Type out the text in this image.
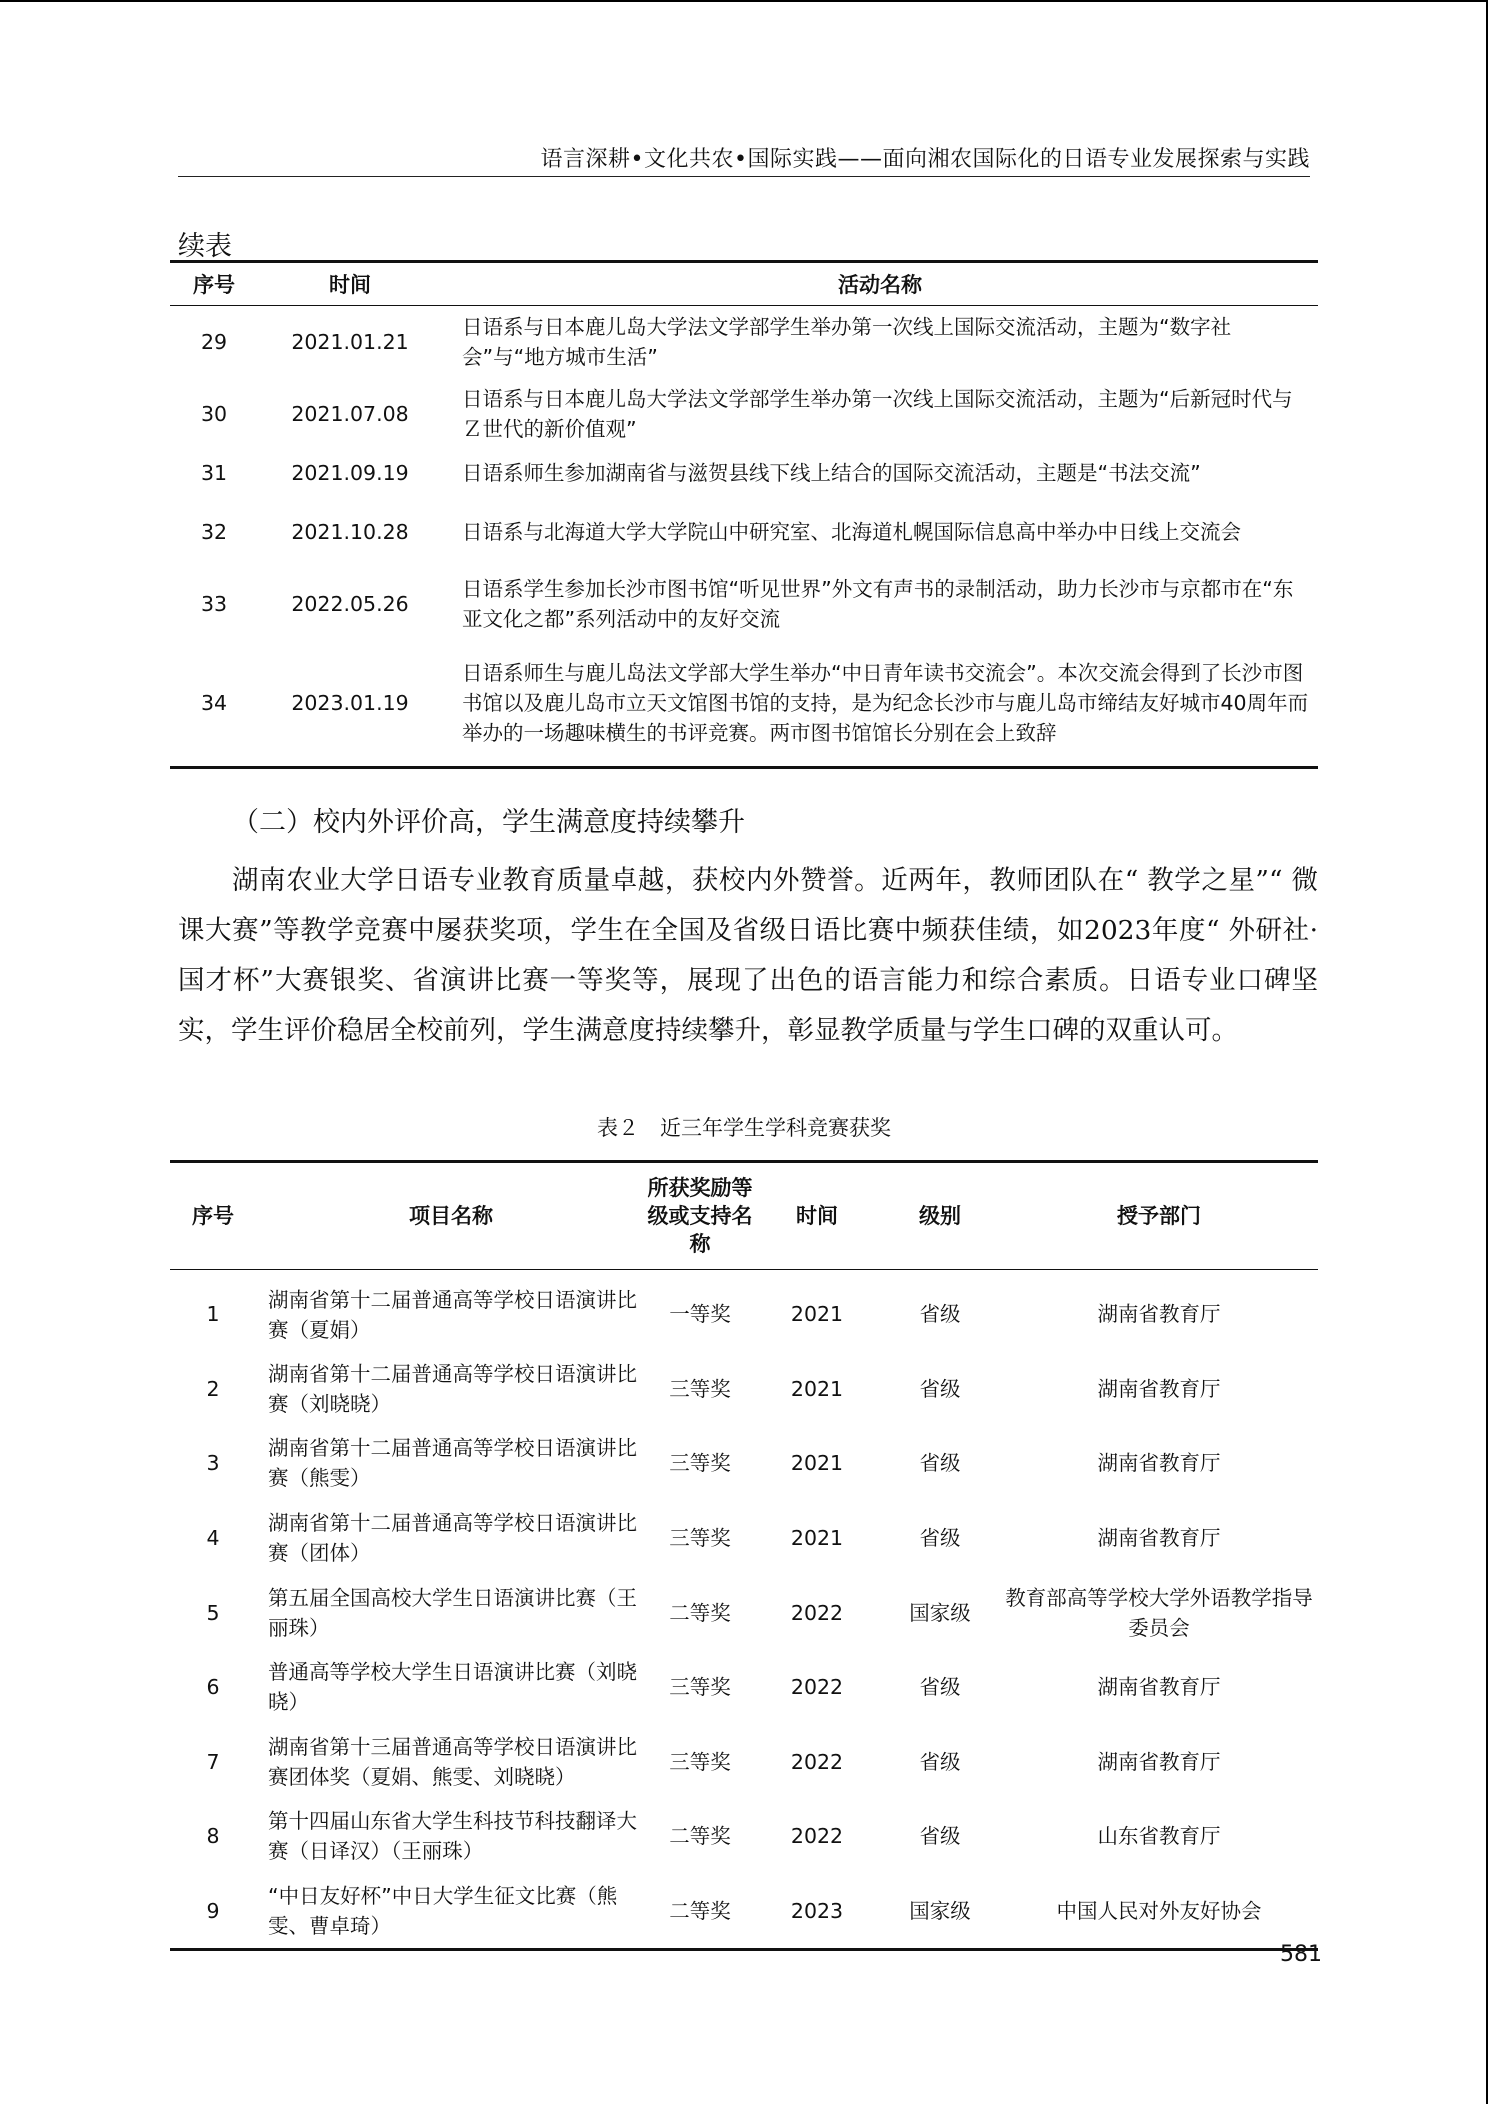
语言深耕•文化共农•国际实践——面向湘农国际化的日语专业发展探索与实践
续表
序号	时间	活动名称
29	2021.01.21	日语系与日本鹿儿岛大学法文学部学生举办第一次线上国际交流活动，主题为“数字社会”与“地方城市生活”
30	2021.07.08	日语系与日本鹿儿岛大学法文学部学生举办第一次线上国际交流活动，主题为“后新冠时代与Ｚ世代的新价值观”
31	2021.09.19	日语系师生参加湖南省与滋贺县线下线上结合的国际交流活动，主题是“书法交流”
32	2021.10.28	日语系与北海道大学大学院山中研究室、北海道札幌国际信息高中举办中日线上交流会
33	2022.05.26	日语系学生参加长沙市图书馆“听见世界”外文有声书的录制活动，助力长沙市与京都市在“东亚文化之都”系列活动中的友好交流
34	2023.01.19	日语系师生与鹿儿岛法文学部大学生举办“中日青年读书交流会”。本次交流会得到了长沙市图书馆以及鹿儿岛市立天文馆图书馆的支持，是为纪念长沙市与鹿儿岛市缔结友好城市40周年而举办的一场趣味横生的书评竞赛。两市图书馆馆长分别在会上致辞
（二）校内外评价高，学生满意度持续攀升
湖南农业大学日语专业教育质量卓越，获校内外赞誉。近两年，教师团队在“ 教学之星”“ 微课大赛”等教学竞赛中屡获奖项，学生在全国及省级日语比赛中频获佳绩，如2023年度“ 外研社·国才杯”大赛银奖、省演讲比赛一等奖等，展现了出色的语言能力和综合素质。日语专业口碑坚实，学生评价稳居全校前列，学生满意度持续攀升，彰显教学质量与学生口碑的双重认可。
表２　近三年学生学科竞赛获奖
序号	项目名称	所获奖励等级或支持名称	时间	级别	授予部门
1	湖南省第十二届普通高等学校日语演讲比赛（夏娟）	一等奖	2021	省级	湖南省教育厅
2	湖南省第十二届普通高等学校日语演讲比赛（刘晓晓）	三等奖	2021	省级	湖南省教育厅
3	湖南省第十二届普通高等学校日语演讲比赛（熊雯）	三等奖	2021	省级	湖南省教育厅
4	湖南省第十二届普通高等学校日语演讲比赛（团体）	三等奖	2021	省级	湖南省教育厅
5	第五届全国高校大学生日语演讲比赛（王丽珠）	二等奖	2022	国家级	教育部高等学校大学外语教学指导委员会
6	普通高等学校大学生日语演讲比赛（刘晓晓）	三等奖	2022	省级	湖南省教育厅
7	湖南省第十三届普通高等学校日语演讲比赛团体奖（夏娟、熊雯、刘晓晓）	三等奖	2022	省级	湖南省教育厅
8	第十四届山东省大学生科技节科技翻译大赛（日译汉）（王丽珠）	二等奖	2022	省级	山东省教育厅
9	“中日友好杯”中日大学生征文比赛（熊雯、曹卓琦）	二等奖	2023	国家级	中国人民对外友好协会
581
